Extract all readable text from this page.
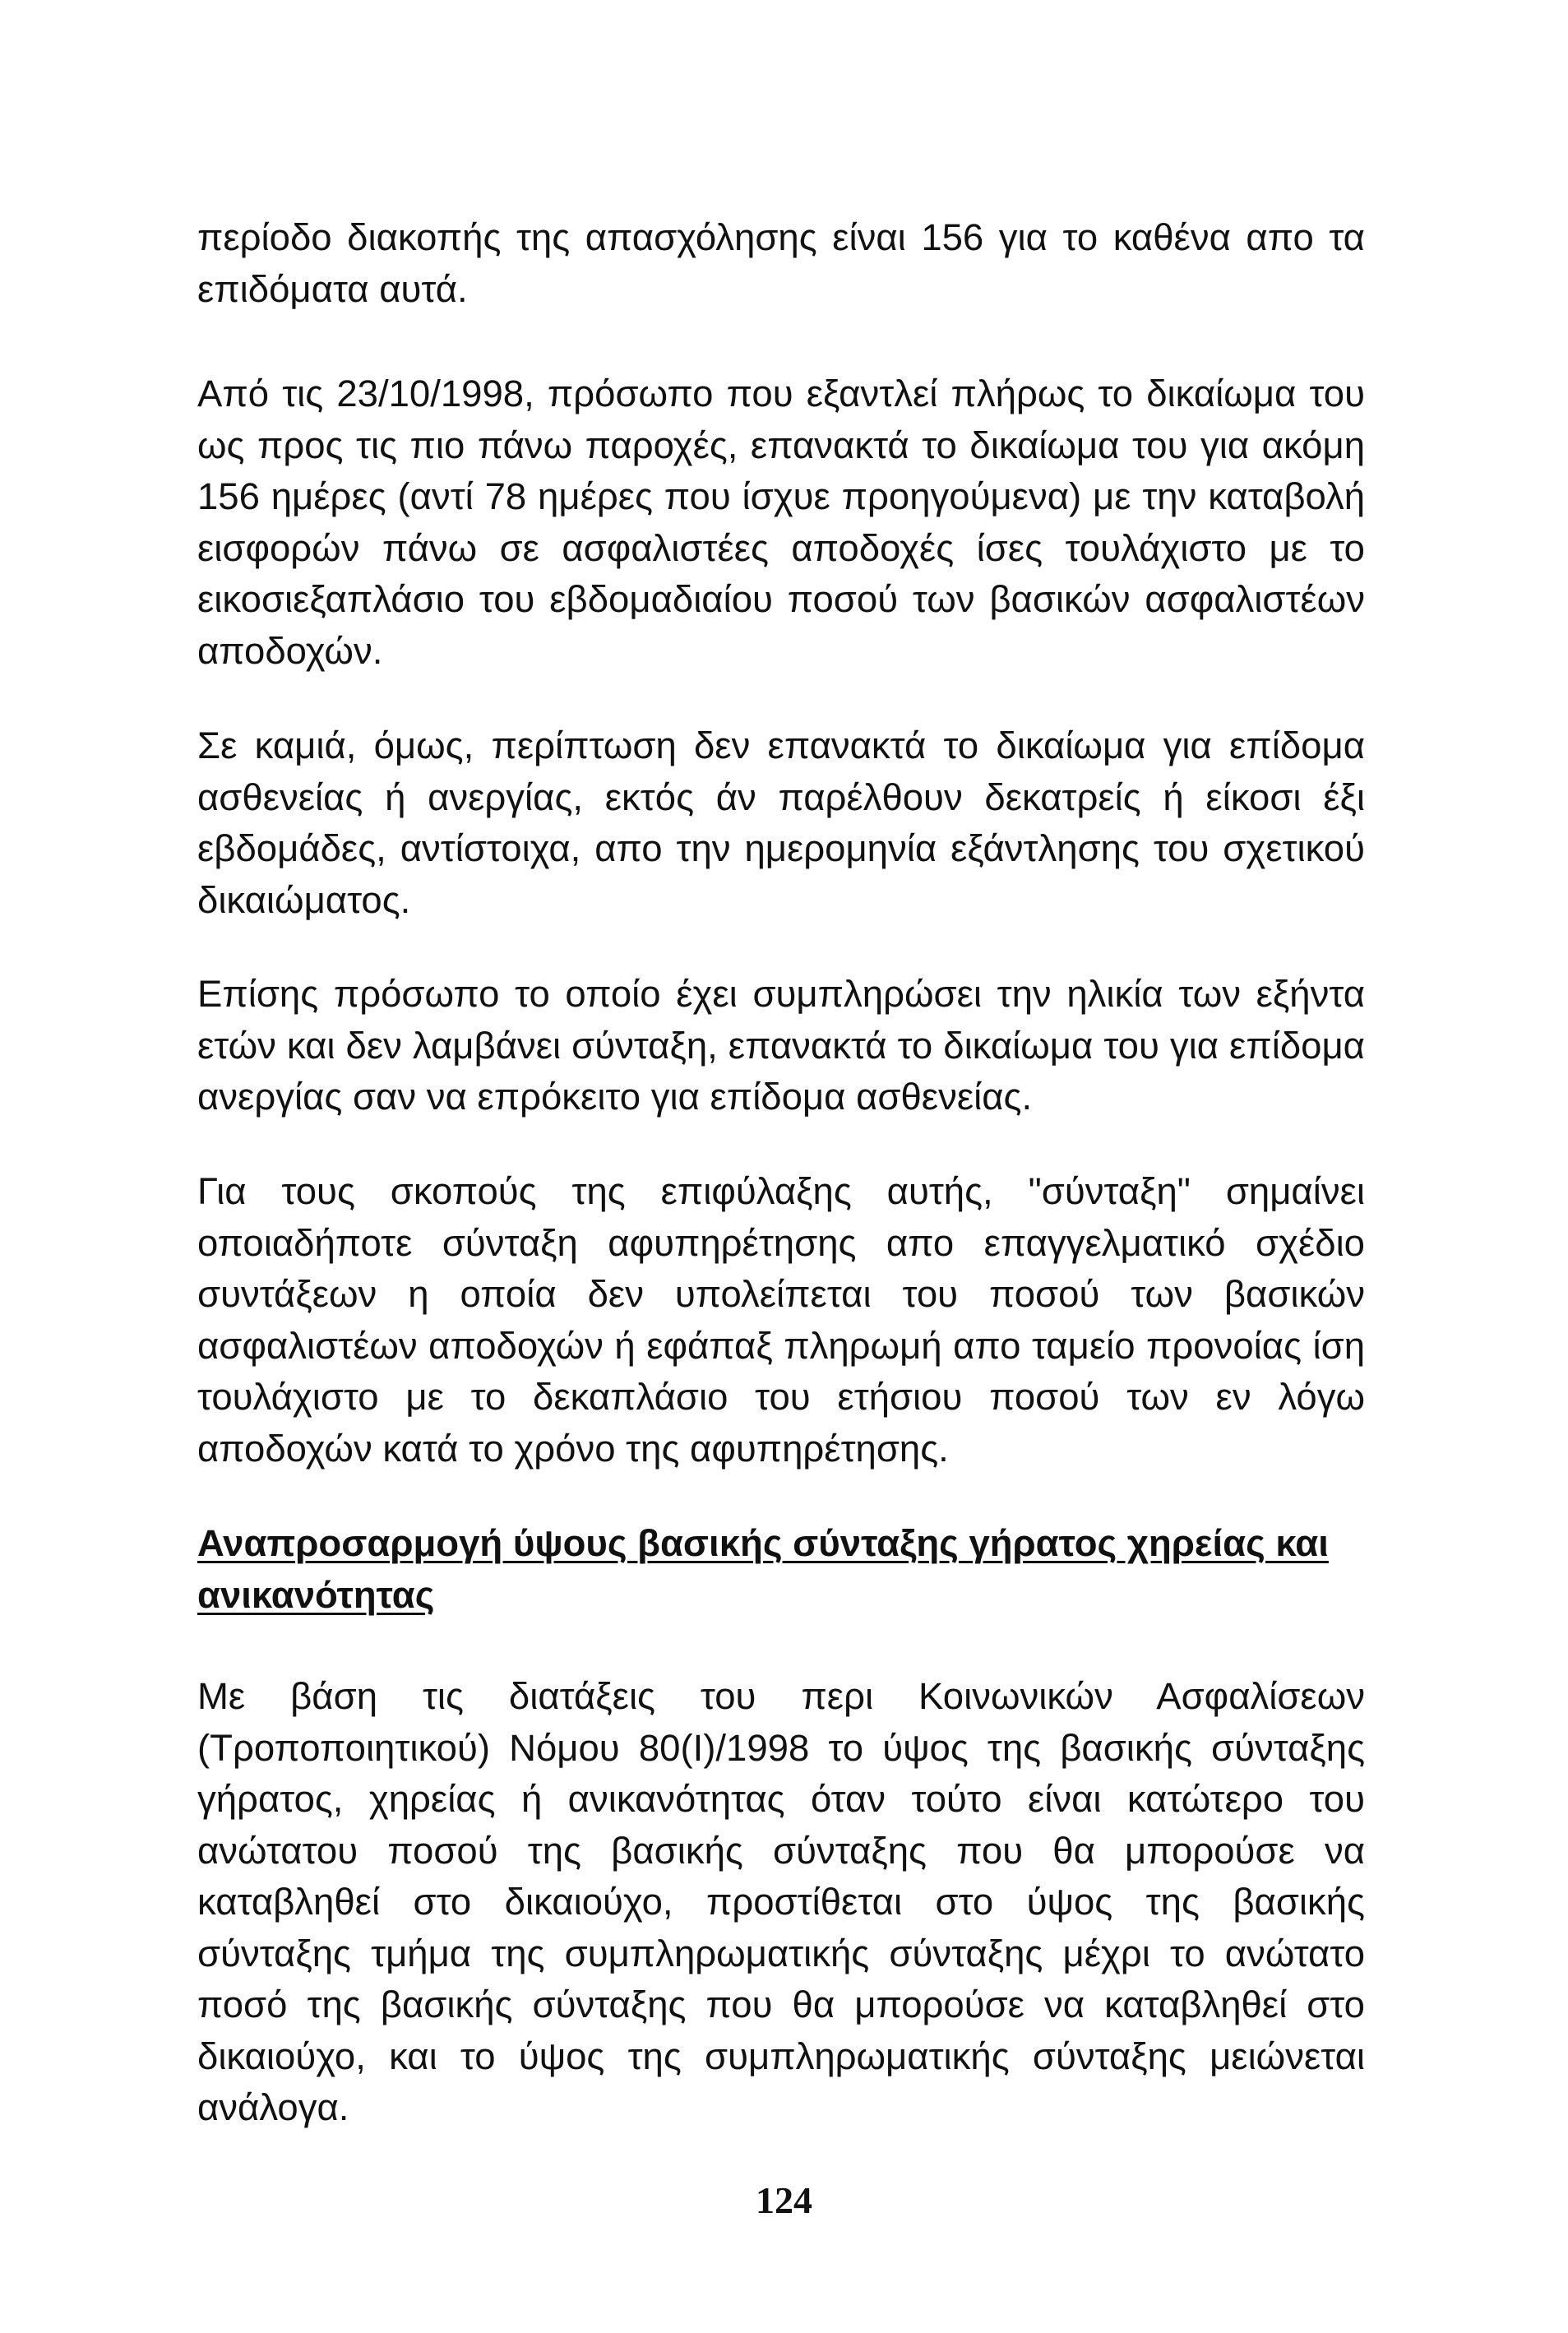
περίοδο διακοπής της απασχόλησης είναι 156 για το καθένα απο τα επιδόματα αυτά.

Από τις 23/10/1998, πρόσωπο που εξαντλεί πλήρως το δικαίωμα του ως προς τις πιο πάνω παροχές, επανακτά το δικαίωμα του για ακόμη 156 ημέρες (αντί 78 ημέρες που ίσχυε προηγούμενα) με την καταβολή εισφορών πάνω σε ασφαλιστέες αποδοχές ίσες τουλάχιστο με το εικοσιεξαπλάσιο του εβδομαδιαίου ποσού των βασικών ασφαλιστέων αποδοχών.

Σε καμιά, όμως, περίπτωση δεν επανακτά το δικαίωμα για επίδομα ασθενείας ή ανεργίας, εκτός άν παρέλθουν δεκατρείς ή είκοσι έξι εβδομάδες, αντίστοιχα, απο την ημερομηνία εξάντλησης του σχετικού δικαιώματος.

Επίσης πρόσωπο το οποίο έχει συμπληρώσει την ηλικία των εξήντα ετών και δεν λαμβάνει σύνταξη, επανακτά το δικαίωμα του για επίδομα ανεργίας σαν να επρόκειτο για επίδομα ασθενείας.

Για τους σκοπούς της επιφύλαξης αυτής, "σύνταξη" σημαίνει οποιαδήποτε σύνταξη αφυπηρέτησης απο επαγγελματικό σχέδιο συντάξεων η οποία δεν υπολείπεται του ποσού των βασικών ασφαλιστέων αποδοχών ή εφάπαξ πληρωμή απο ταμείο προνοίας ίση τουλάχιστο με το δεκαπλάσιο του ετήσιου ποσού των εν λόγω αποδοχών κατά το χρόνο της αφυπηρέτησης.

Αναπροσαρμογή ύψους βασικής σύνταξης γήρατος χηρείας και ανικανότητας

Με βάση τις διατάξεις του περι Κοινωνικών Ασφαλίσεων (Τροποποιητικού) Νόμου 80(Ι)/1998 το ύψος της βασικής σύνταξης γήρατος, χηρείας ή ανικανότητας όταν τούτο είναι κατώτερο του ανώτατου ποσού της βασικής σύνταξης που θα μπορούσε να καταβληθεί στο δικαιούχο, προστίθεται στο ύψος της βασικής σύνταξης τμήμα της συμπληρωματικής σύνταξης μέχρι το ανώτατο ποσό της βασικής σύνταξης που θα μπορούσε να καταβληθεί στο δικαιούχο, και το ύψος της συμπληρωματικής σύνταξης μειώνεται ανάλογα.

124
